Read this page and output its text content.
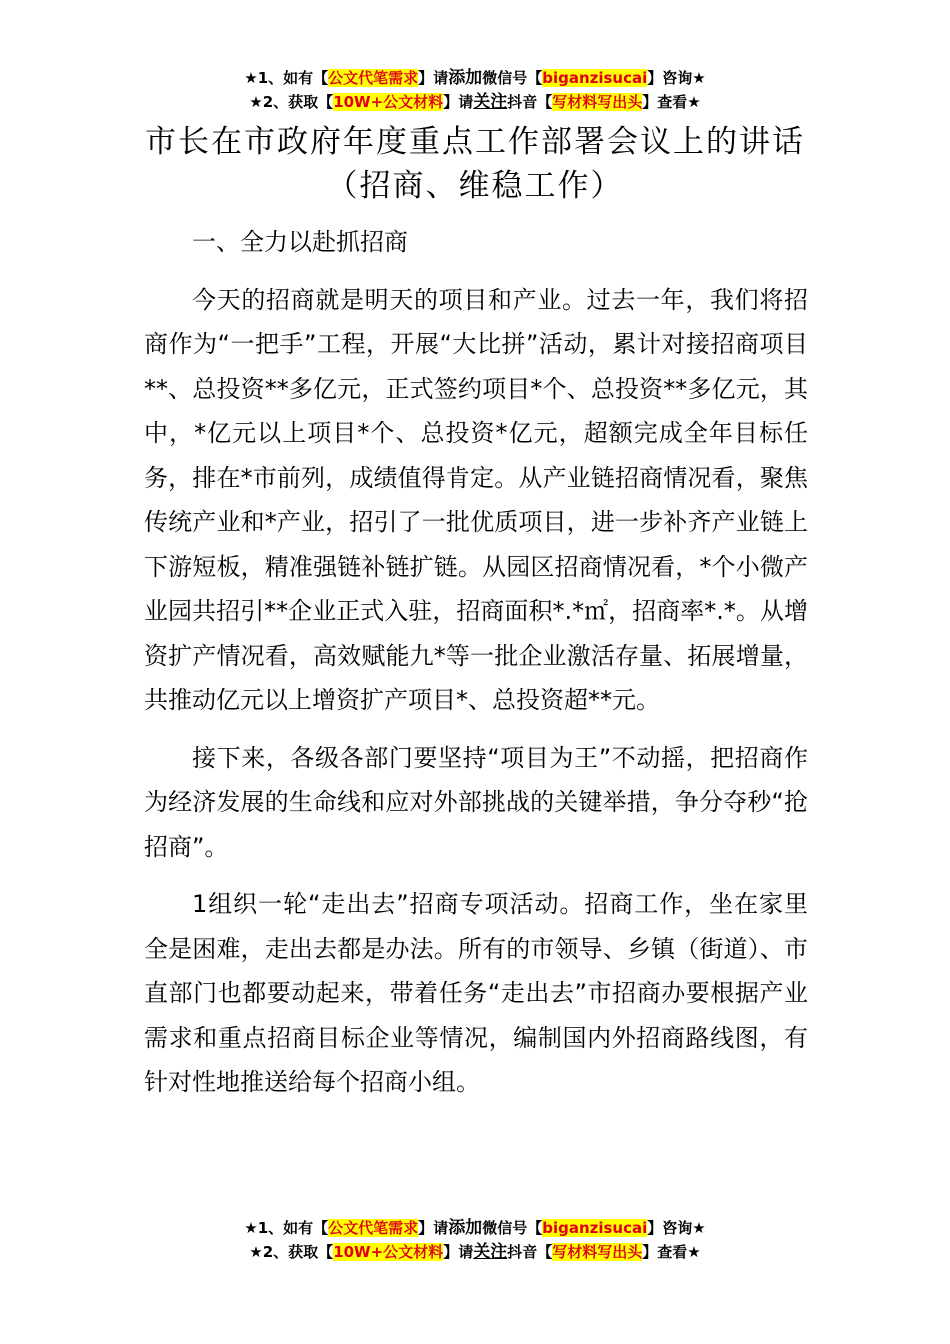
★1、如有【公文代笔需求】请添加微信号【biganzisucai】咨询★
★2、获取【10W+公文材料】请关注抖音【写材料写出头】查看★
市长在市政府年度重点工作部署会议上的讲话（招商、维稳工作）

一、全力以赴抓招商

今天的招商就是明天的项目和产业。过去一年，我们将招商作为“一把手”工程，开展“大比拼”活动，累计对接招商项目**、总投资**多亿元，正式签约项目*个、总投资**多亿元，其中，*亿元以上项目*个、总投资*亿元，超额完成全年目标任务，排在*市前列，成绩值得肯定。从产业链招商情况看，聚焦传统产业和*产业，招引了一批优质项目，进一步补齐产业链上下游短板，精准强链补链扩链。从园区招商情况看，*个小微产业园共招引**企业正式入驻，招商面积*.*㎡，招商率*.*。从增资扩产情况看，高效赋能九*等一批企业激活存量、拓展增量，共推动亿元以上增资扩产项目*、总投资超**元。

接下来，各级各部门要坚持“项目为王”不动摇，把招商作为经济发展的生命线和应对外部挑战的关键举措，争分夺秒“抢招商”。

1组织一轮“走出去”招商专项活动。招商工作，坐在家里全是困难，走出去都是办法。所有的市领导、乡镇（街道）、市直部门也都要动起来，带着任务“走出去”市招商办要根据产业需求和重点招商目标企业等情况，编制国内外招商路线图，有针对性地推送给每个招商小组。

★1、如有【公文代笔需求】请添加微信号【biganzisucai】咨询★
★2、获取【10W+公文材料】请关注抖音【写材料写出头】查看★
